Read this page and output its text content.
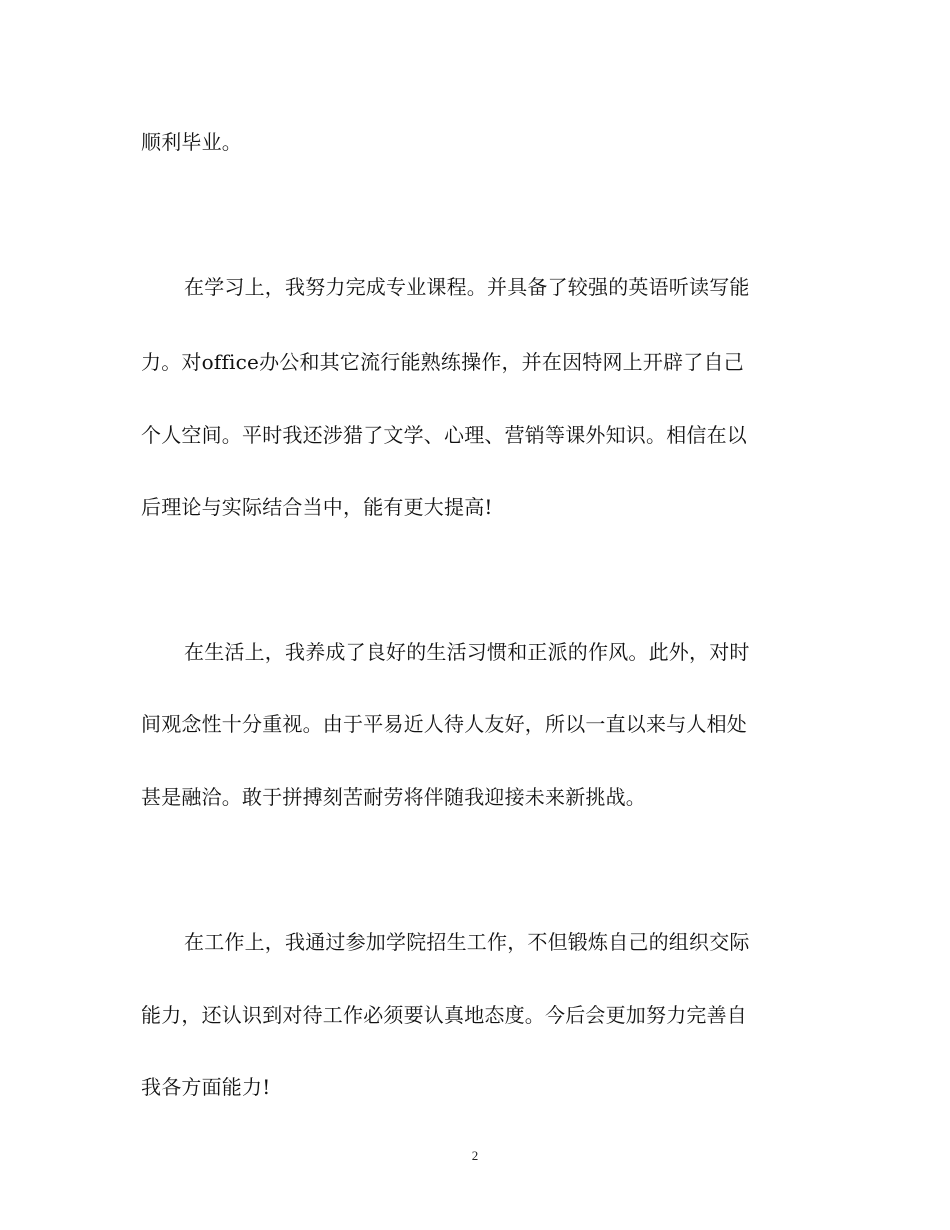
顺利毕业。
在学习上，我努力完成专业课程。并具备了较强的英语听读写能
力。对office办公和其它流行能熟练操作，并在因特网上开辟了自己
个人空间。平时我还涉猎了文学、心理、营销等课外知识。相信在以
后理论与实际结合当中，能有更大提高!
在生活上，我养成了良好的生活习惯和正派的作风。此外，对时
间观念性十分重视。由于平易近人待人友好，所以一直以来与人相处
甚是融洽。敢于拼搏刻苦耐劳将伴随我迎接未来新挑战。
在工作上，我通过参加学院招生工作，不但锻炼自己的组织交际
能力，还认识到对待工作必须要认真地态度。今后会更加努力完善自
我各方面能力!
2
